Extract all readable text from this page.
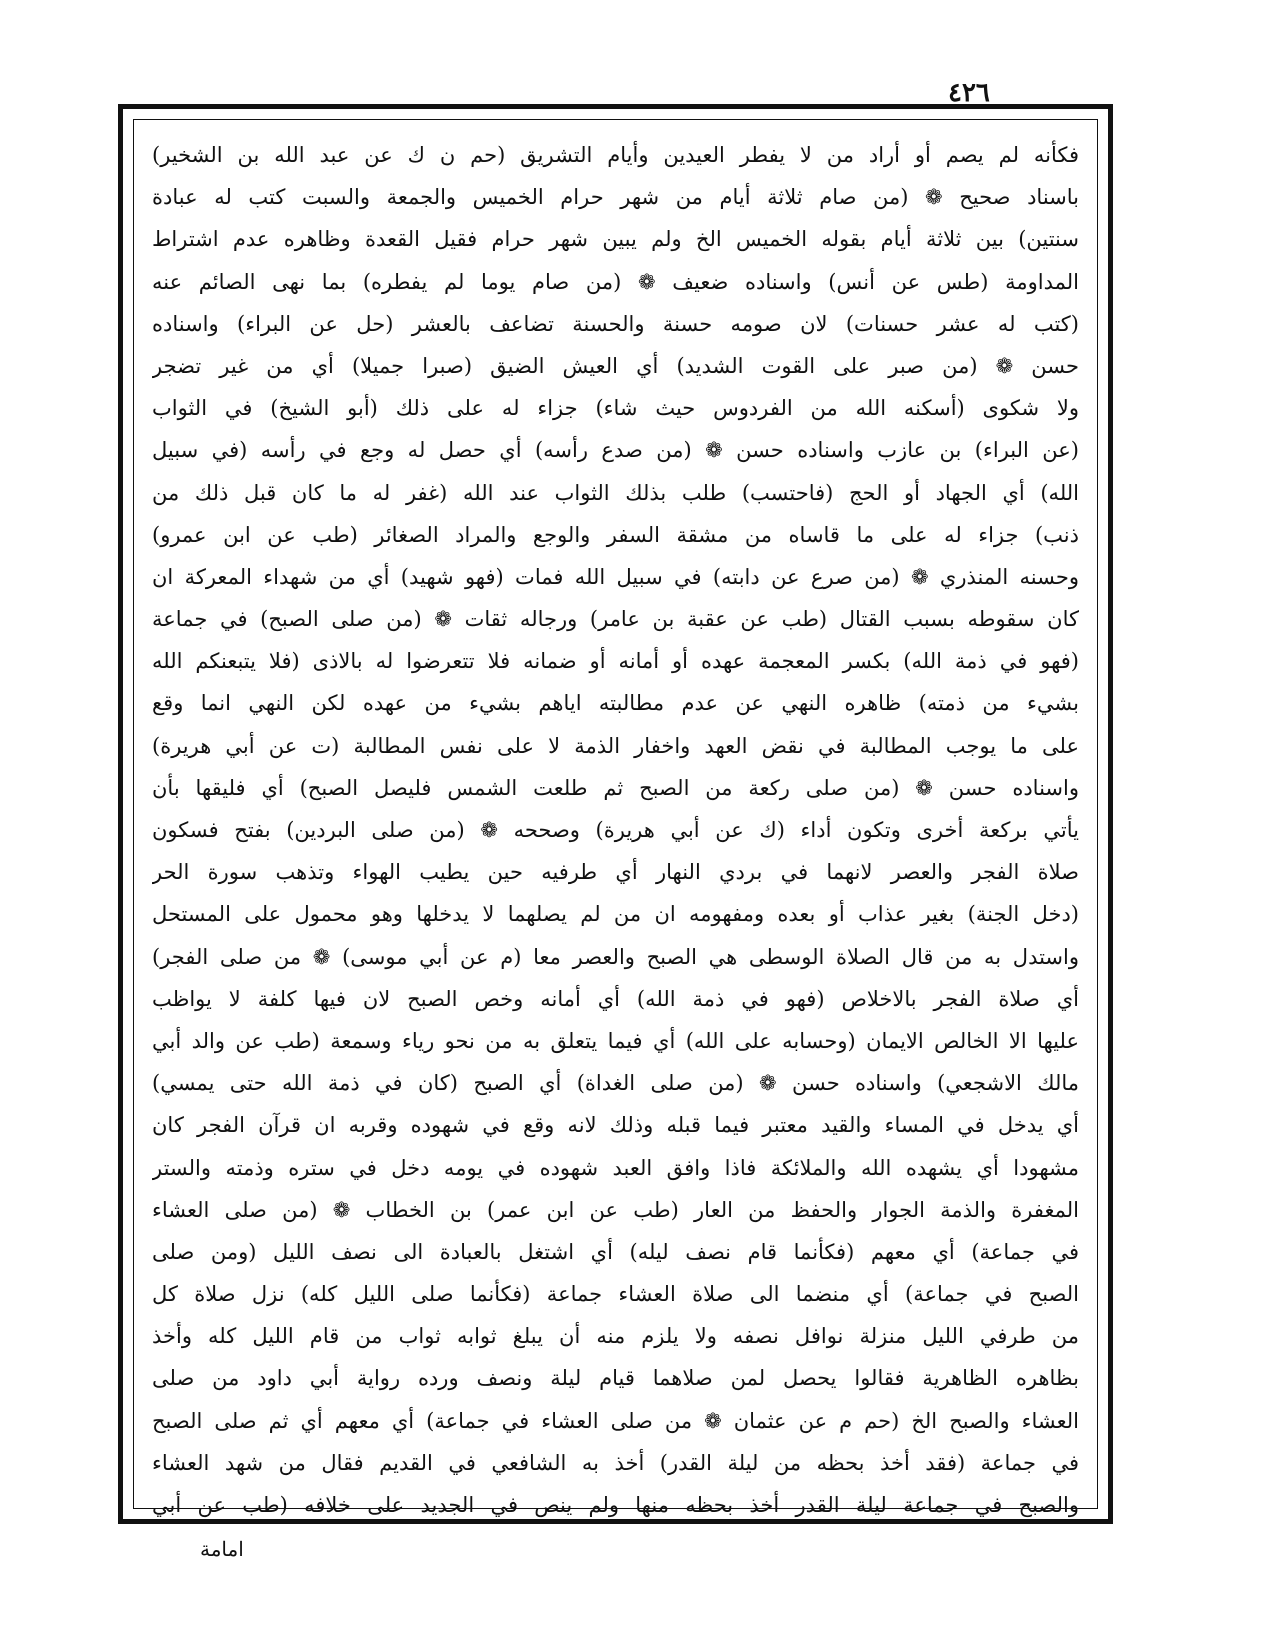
٤٢٦
فكأنه لم يصم أو أراد من لا يفطر العيدين وأيام التشريق (حم ن ك عن عبد الله بن الشخير)
باسناد صحيح ❁ (من صام ثلاثة أيام من شهر حرام الخميس والجمعة والسبت كتب له عبادة
سنتين) بين ثلاثة أيام بقوله الخميس الخ ولم يبين شهر حرام فقيل القعدة وظاهره عدم اشتراط
المداومة (طس عن أنس) واسناده ضعيف ❁ (من صام يوما لم يفطره) بما نهى الصائم عنه
(كتب له عشر حسنات) لان صومه حسنة والحسنة تضاعف بالعشر (حل عن البراء) واسناده
حسن ❁ (من صبر على القوت الشديد) أي العيش الضيق (صبرا جميلا) أي من غير تضجر
ولا شكوى (أسكنه الله من الفردوس حيث شاء) جزاء له على ذلك (أبو الشيخ) في الثواب
(عن البراء) بن عازب واسناده حسن ❁ (من صدع رأسه) أي حصل له وجع في رأسه (في سبيل
الله) أي الجهاد أو الحج (فاحتسب) طلب بذلك الثواب عند الله (غفر له ما كان قبل ذلك من
ذنب) جزاء له على ما قاساه من مشقة السفر والوجع والمراد الصغائر (طب عن ابن عمرو)
وحسنه المنذري ❁ (من صرع عن دابته) في سبيل الله فمات (فهو شهيد) أي من شهداء المعركة ان
كان سقوطه بسبب القتال (طب عن عقبة بن عامر) ورجاله ثقات ❁ (من صلى الصبح) في جماعة
(فهو في ذمة الله) بكسر المعجمة عهده أو أمانه أو ضمانه فلا تتعرضوا له بالاذى (فلا يتبعنكم الله
بشيء من ذمته) ظاهره النهي عن عدم مطالبته اياهم بشيء من عهده لكن النهي انما وقع
على ما يوجب المطالبة في نقض العهد واخفار الذمة لا على نفس المطالبة (ت عن أبي هريرة)
واسناده حسن ❁ (من صلى ركعة من الصبح ثم طلعت الشمس فليصل الصبح) أي فليقها بأن
يأتي بركعة أخرى وتكون أداء (ك عن أبي هريرة) وصححه ❁ (من صلى البردين) بفتح فسكون
صلاة الفجر والعصر لانهما في بردي النهار أي طرفيه حين يطيب الهواء وتذهب سورة الحر
(دخل الجنة) بغير عذاب أو بعده ومفهومه ان من لم يصلهما لا يدخلها وهو محمول على المستحل
واستدل به من قال الصلاة الوسطى هي الصبح والعصر معا (م عن أبي موسى) ❁ من صلى الفجر)
أي صلاة الفجر بالاخلاص (فهو في ذمة الله) أي أمانه وخص الصبح لان فيها كلفة لا يواظب
عليها الا الخالص الايمان (وحسابه على الله) أي فيما يتعلق به من نحو رياء وسمعة (طب عن والد أبي
مالك الاشجعي) واسناده حسن ❁ (من صلى الغداة) أي الصبح (كان في ذمة الله حتى يمسي)
أي يدخل في المساء والقيد معتبر فيما قبله وذلك لانه وقع في شهوده وقربه ان قرآن الفجر كان
مشهودا أي يشهده الله والملائكة فاذا وافق العبد شهوده في يومه دخل في ستره وذمته والستر
المغفرة والذمة الجوار والحفظ من العار (طب عن ابن عمر) بن الخطاب ❁ (من صلى العشاء
في جماعة) أي معهم (فكأنما قام نصف ليله) أي اشتغل بالعبادة الى نصف الليل (ومن صلى
الصبح في جماعة) أي منضما الى صلاة العشاء جماعة (فكأنما صلى الليل كله) نزل صلاة كل
من طرفي الليل منزلة نوافل نصفه ولا يلزم منه أن يبلغ ثوابه ثواب من قام الليل كله وأخذ
بظاهره الظاهرية فقالوا يحصل لمن صلاهما قيام ليلة ونصف ورده رواية أبي داود من صلى
العشاء والصبح الخ (حم م عن عثمان ❁ من صلى العشاء في جماعة) أي معهم أي ثم صلى الصبح
في جماعة (فقد أخذ بحظه من ليلة القدر) أخذ به الشافعي في القديم فقال من شهد العشاء
والصبح في جماعة ليلة القدر أخذ بحظه منها ولم ينص في الجديد على خلافه (طب عن أبي
امامة
